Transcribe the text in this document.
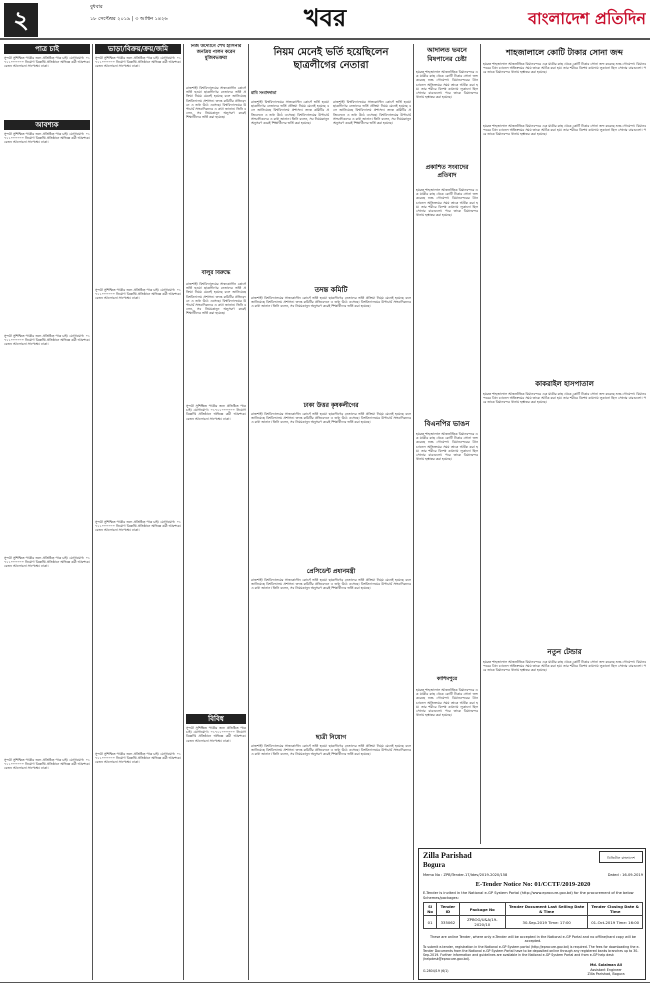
২	বুধবার
১৮ সেপ্টেম্বর ২০১৯ | ৩ আশ্বিন ১৪২৬	খবর	বাংলাদেশ প্রতিদিন
পাত্র চাই
সুন্দরী সুশিক্ষিত পাত্রীর জন্য প্রতিষ্ঠিত পাত্র চাই। যোগাযোগ: ০১৭১১০০০০০০ নিয়োগ বিজ্ঞপ্তি প্রতিষ্ঠানে অভিজ্ঞ কর্মী আবশ্যক। বেতন আলোচনা সাপেক্ষে। ঢাকা।
আবশ্যক
সুন্দরী সুশিক্ষিত পাত্রীর জন্য প্রতিষ্ঠিত পাত্র চাই। যোগাযোগ: ০১৭১১০০০০০০ নিয়োগ বিজ্ঞপ্তি প্রতিষ্ঠানে অভিজ্ঞ কর্মী আবশ্যক। বেতন আলোচনা সাপেক্ষে। ঢাকা।
সুন্দরী সুশিক্ষিত পাত্রীর জন্য প্রতিষ্ঠিত পাত্র চাই। যোগাযোগ: ০১৭১১০০০০০০ নিয়োগ বিজ্ঞপ্তি প্রতিষ্ঠানে অভিজ্ঞ কর্মী আবশ্যক। বেতন আলোচনা সাপেক্ষে। ঢাকা।
সুন্দরী সুশিক্ষিত পাত্রীর জন্য প্রতিষ্ঠিত পাত্র চাই। যোগাযোগ: ০১৭১১০০০০০০ নিয়োগ বিজ্ঞপ্তি প্রতিষ্ঠানে অভিজ্ঞ কর্মী আবশ্যক। বেতন আলোচনা সাপেক্ষে। ঢাকা।
সুন্দরী সুশিক্ষিত পাত্রীর জন্য প্রতিষ্ঠিত পাত্র চাই। যোগাযোগ: ০১৭১১০০০০০০ নিয়োগ বিজ্ঞপ্তি প্রতিষ্ঠানে অভিজ্ঞ কর্মী আবশ্যক। বেতন আলোচনা সাপেক্ষে। ঢাকা।
ভাড়া/বিক্রয়/ক্রয়/জমি
সুন্দরী সুশিক্ষিত পাত্রীর জন্য প্রতিষ্ঠিত পাত্র চাই। যোগাযোগ: ০১৭১১০০০০০০ নিয়োগ বিজ্ঞপ্তি প্রতিষ্ঠানে অভিজ্ঞ কর্মী আবশ্যক। বেতন আলোচনা সাপেক্ষে। ঢাকা।
সুন্দরী সুশিক্ষিত পাত্রীর জন্য প্রতিষ্ঠিত পাত্র চাই। যোগাযোগ: ০১৭১১০০০০০০ নিয়োগ বিজ্ঞপ্তি প্রতিষ্ঠানে অভিজ্ঞ কর্মী আবশ্যক। বেতন আলোচনা সাপেক্ষে। ঢাকা।
সুন্দরী সুশিক্ষিত পাত্রীর জন্য প্রতিষ্ঠিত পাত্র চাই। যোগাযোগ: ০১৭১১০০০০০০ নিয়োগ বিজ্ঞপ্তি প্রতিষ্ঠানে অভিজ্ঞ কর্মী আবশ্যক। বেতন আলোচনা সাপেক্ষে। ঢাকা।
সুন্দরী সুশিক্ষিত পাত্রীর জন্য প্রতিষ্ঠিত পাত্র চাই। যোগাযোগ: ০১৭১১০০০০০০ নিয়োগ বিজ্ঞপ্তি প্রতিষ্ঠানে অভিজ্ঞ কর্মী আবশ্যক। বেতন আলোচনা সাপেক্ষে। ঢাকা।
নিজ উদ্যোগে শেখ হাসিনার জনপ্রিয় পালন করেন মুজিবভক্তরা
রাজশাহী বিশ্ববিদ্যালয়ের সান্ধ্যকালীন কোর্সে ভর্তি হওয়া ছাত্রলীগের নেতাদের ভর্তি প্রক্রিয়া নিয়ম মেনেই হয়েছে বলে জানিয়েছে বিশ্ববিদ্যালয় প্রশাসন। তদন্ত কমিটির প্রতিবেদনে এ তথ্য উঠে এসেছে। বিশ্ববিদ্যালয়ের উপাচার্য সাংবাদিকদের এ কথা জানান। তিনি বলেন, সব নিয়মকানুন অনুসরণ করেই শিক্ষার্থীদের ভর্তি করা হয়েছে।
বালুর বিরুদ্ধে
রাজশাহী বিশ্ববিদ্যালয়ের সান্ধ্যকালীন কোর্সে ভর্তি হওয়া ছাত্রলীগের নেতাদের ভর্তি প্রক্রিয়া নিয়ম মেনেই হয়েছে বলে জানিয়েছে বিশ্ববিদ্যালয় প্রশাসন। তদন্ত কমিটির প্রতিবেদনে এ তথ্য উঠে এসেছে। বিশ্ববিদ্যালয়ের উপাচার্য সাংবাদিকদের এ কথা জানান। তিনি বলেন, সব নিয়মকানুন অনুসরণ করেই শিক্ষার্থীদের ভর্তি করা হয়েছে।
বিবিধ
সুন্দরী সুশিক্ষিত পাত্রীর জন্য প্রতিষ্ঠিত পাত্র চাই। যোগাযোগ: ০১৭১১০০০০০০ নিয়োগ বিজ্ঞপ্তি প্রতিষ্ঠানে অভিজ্ঞ কর্মী আবশ্যক। বেতন আলোচনা সাপেক্ষে। ঢাকা।
সুন্দরী সুশিক্ষিত পাত্রীর জন্য প্রতিষ্ঠিত পাত্র চাই। যোগাযোগ: ০১৭১১০০০০০০ নিয়োগ বিজ্ঞপ্তি প্রতিষ্ঠানে অভিজ্ঞ কর্মী আবশ্যক। বেতন আলোচনা সাপেক্ষে। ঢাকা।
নিয়ম মেনেই ভর্তি হয়েছিলেন ছাত্রলীগের নেতারা
রাবি সংবাদদাতা
রাজশাহী বিশ্ববিদ্যালয়ের সান্ধ্যকালীন কোর্সে ভর্তি হওয়া ছাত্রলীগের নেতাদের ভর্তি প্রক্রিয়া নিয়ম মেনেই হয়েছে বলে জানিয়েছে বিশ্ববিদ্যালয় প্রশাসন। তদন্ত কমিটির প্রতিবেদনে এ তথ্য উঠে এসেছে। বিশ্ববিদ্যালয়ের উপাচার্য সাংবাদিকদের এ কথা জানান। তিনি বলেন, সব নিয়মকানুন অনুসরণ করেই শিক্ষার্থীদের ভর্তি করা হয়েছে।
রাজশাহী বিশ্ববিদ্যালয়ের সান্ধ্যকালীন কোর্সে ভর্তি হওয়া ছাত্রলীগের নেতাদের ভর্তি প্রক্রিয়া নিয়ম মেনেই হয়েছে বলে জানিয়েছে বিশ্ববিদ্যালয় প্রশাসন। তদন্ত কমিটির প্রতিবেদনে এ তথ্য উঠে এসেছে। বিশ্ববিদ্যালয়ের উপাচার্য সাংবাদিকদের এ কথা জানান। তিনি বলেন, সব নিয়মকানুন অনুসরণ করেই শিক্ষার্থীদের ভর্তি করা হয়েছে।
তদন্ত কমিটি
রাজশাহী বিশ্ববিদ্যালয়ের সান্ধ্যকালীন কোর্সে ভর্তি হওয়া ছাত্রলীগের নেতাদের ভর্তি প্রক্রিয়া নিয়ম মেনেই হয়েছে বলে জানিয়েছে বিশ্ববিদ্যালয় প্রশাসন। তদন্ত কমিটির প্রতিবেদনে এ তথ্য উঠে এসেছে। বিশ্ববিদ্যালয়ের উপাচার্য সাংবাদিকদের এ কথা জানান। তিনি বলেন, সব নিয়মকানুন অনুসরণ করেই শিক্ষার্থীদের ভর্তি করা হয়েছে।
ঢাকা উত্তর কৃষকলীগের
রাজশাহী বিশ্ববিদ্যালয়ের সান্ধ্যকালীন কোর্সে ভর্তি হওয়া ছাত্রলীগের নেতাদের ভর্তি প্রক্রিয়া নিয়ম মেনেই হয়েছে বলে জানিয়েছে বিশ্ববিদ্যালয় প্রশাসন। তদন্ত কমিটির প্রতিবেদনে এ তথ্য উঠে এসেছে। বিশ্ববিদ্যালয়ের উপাচার্য সাংবাদিকদের এ কথা জানান। তিনি বলেন, সব নিয়মকানুন অনুসরণ করেই শিক্ষার্থীদের ভর্তি করা হয়েছে।
প্রেসিডেন্ট প্রধানমন্ত্রী
রাজশাহী বিশ্ববিদ্যালয়ের সান্ধ্যকালীন কোর্সে ভর্তি হওয়া ছাত্রলীগের নেতাদের ভর্তি প্রক্রিয়া নিয়ম মেনেই হয়েছে বলে জানিয়েছে বিশ্ববিদ্যালয় প্রশাসন। তদন্ত কমিটির প্রতিবেদনে এ তথ্য উঠে এসেছে। বিশ্ববিদ্যালয়ের উপাচার্য সাংবাদিকদের এ কথা জানান। তিনি বলেন, সব নিয়মকানুন অনুসরণ করেই শিক্ষার্থীদের ভর্তি করা হয়েছে।
ছাত্রী নিয়োগ
রাজশাহী বিশ্ববিদ্যালয়ের সান্ধ্যকালীন কোর্সে ভর্তি হওয়া ছাত্রলীগের নেতাদের ভর্তি প্রক্রিয়া নিয়ম মেনেই হয়েছে বলে জানিয়েছে বিশ্ববিদ্যালয় প্রশাসন। তদন্ত কমিটির প্রতিবেদনে এ তথ্য উঠে এসেছে। বিশ্ববিদ্যালয়ের উপাচার্য সাংবাদিকদের এ কথা জানান। তিনি বলেন, সব নিয়মকানুন অনুসরণ করেই শিক্ষার্থীদের ভর্তি করা হয়েছে।
আদালত ভবনে বিষপানের চেষ্টা
হযরত শাহজালাল আন্তর্জাতিক বিমানবন্দরে এক যাত্রীর কাছ থেকে কোটি টাকার সোনা জব্দ করেছে শুল্ক গোয়েন্দা। বিমানবন্দরের গ্রিন চ্যানেল অতিক্রমের সময় তাকে আটক করা হয়। তার শরীরে বিশেষ কায়দায় লুকানো ছিল সোনার বারগুলো। পরে তাকে বিমানবন্দর থানায় হস্তান্তর করা হয়েছে।
প্রকাশিত সংবাদের প্রতিবাদ
হযরত শাহজালাল আন্তর্জাতিক বিমানবন্দরে এক যাত্রীর কাছ থেকে কোটি টাকার সোনা জব্দ করেছে শুল্ক গোয়েন্দা। বিমানবন্দরের গ্রিন চ্যানেল অতিক্রমের সময় তাকে আটক করা হয়। তার শরীরে বিশেষ কায়দায় লুকানো ছিল সোনার বারগুলো। পরে তাকে বিমানবন্দর থানায় হস্তান্তর করা হয়েছে।
বিএনপির ভাঙন
হযরত শাহজালাল আন্তর্জাতিক বিমানবন্দরে এক যাত্রীর কাছ থেকে কোটি টাকার সোনা জব্দ করেছে শুল্ক গোয়েন্দা। বিমানবন্দরের গ্রিন চ্যানেল অতিক্রমের সময় তাকে আটক করা হয়। তার শরীরে বিশেষ কায়দায় লুকানো ছিল সোনার বারগুলো। পরে তাকে বিমানবন্দর থানায় হস্তান্তর করা হয়েছে।
কাশিমপুরে
হযরত শাহজালাল আন্তর্জাতিক বিমানবন্দরে এক যাত্রীর কাছ থেকে কোটি টাকার সোনা জব্দ করেছে শুল্ক গোয়েন্দা। বিমানবন্দরের গ্রিন চ্যানেল অতিক্রমের সময় তাকে আটক করা হয়। তার শরীরে বিশেষ কায়দায় লুকানো ছিল সোনার বারগুলো। পরে তাকে বিমানবন্দর থানায় হস্তান্তর করা হয়েছে।
শাহজালালে কোটি টাকার সোনা জব্দ
হযরত শাহজালাল আন্তর্জাতিক বিমানবন্দরে এক যাত্রীর কাছ থেকে কোটি টাকার সোনা জব্দ করেছে শুল্ক গোয়েন্দা। বিমানবন্দরের গ্রিন চ্যানেল অতিক্রমের সময় তাকে আটক করা হয়। তার শরীরে বিশেষ কায়দায় লুকানো ছিল সোনার বারগুলো। পরে তাকে বিমানবন্দর থানায় হস্তান্তর করা হয়েছে।
হযরত শাহজালাল আন্তর্জাতিক বিমানবন্দরে এক যাত্রীর কাছ থেকে কোটি টাকার সোনা জব্দ করেছে শুল্ক গোয়েন্দা। বিমানবন্দরের গ্রিন চ্যানেল অতিক্রমের সময় তাকে আটক করা হয়। তার শরীরে বিশেষ কায়দায় লুকানো ছিল সোনার বারগুলো। পরে তাকে বিমানবন্দর থানায় হস্তান্তর করা হয়েছে।
কাকরাইল হাসপাতাল
হযরত শাহজালাল আন্তর্জাতিক বিমানবন্দরে এক যাত্রীর কাছ থেকে কোটি টাকার সোনা জব্দ করেছে শুল্ক গোয়েন্দা। বিমানবন্দরের গ্রিন চ্যানেল অতিক্রমের সময় তাকে আটক করা হয়। তার শরীরে বিশেষ কায়দায় লুকানো ছিল সোনার বারগুলো। পরে তাকে বিমানবন্দর থানায় হস্তান্তর করা হয়েছে।
নতুন টেন্ডার
হযরত শাহজালাল আন্তর্জাতিক বিমানবন্দরে এক যাত্রীর কাছ থেকে কোটি টাকার সোনা জব্দ করেছে শুল্ক গোয়েন্দা। বিমানবন্দরের গ্রিন চ্যানেল অতিক্রমের সময় তাকে আটক করা হয়। তার শরীরে বিশেষ কায়দায় লুকানো ছিল সোনার বারগুলো। পরে তাকে বিমানবন্দর থানায় হস্তান্তর করা হয়েছে।
ডিজিটাল বাংলাদেশ
Zilla Parishad
Bogura
Memo No : ZPB/Tender-17/Idev/2019-2020/158	Dated : 16-09-2019
E-Tender Notice No: 01/CCTF/2019-2020
E-Tender is invited in the National e-GP System Portal (http://www.eprocure.gov.bd) for the procurement of the below Schemes/packages:
Sl No	Tender ID	Package No	Tender Document Last Selling Date & Time	Tender Closing Date & Time
01	335062	ZPBOG/U&A/19-2020/10	30-Sep-2019 Time: 17:00	01-Oct-2019 Time: 16:00
These are online Tender, where only e-Tender will be accepted in the National e-GP Portal and no offline/hard copy will be accepted.
To submit e-tender, registration in the National e-GP System portal (http://eprocure.gov.bd) is required. The fees for downloading the e-Tender Documents from the National e-GP System Portal have to be deposited online through any registered banks branches up to 30-Sep-2019. Further information and guidelines are available in the National e-GP System Portal and from e-GP help desk (helpdesk@eprocure.gov.bd).
G-2804/19 (6/1)
Md. Solaiman Ali
Assistant Engineer
Zilla Parishad, Bogura
